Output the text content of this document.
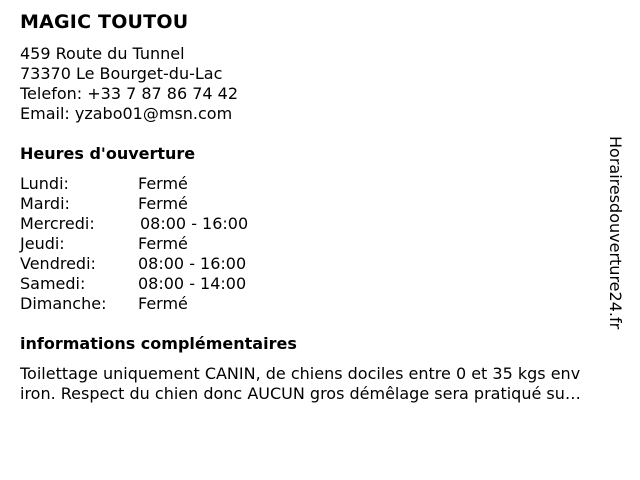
MAGIC TOUTOU
459 Route du Tunnel
73370 Le Bourget-du-Lac
Telefon: +33 7 87 86 74 42
Email: yzabo01@msn.com
Heures d'ouverture
Lundi:	Fermé
Mardi:	Fermé
Mercredi:	08:00 - 16:00
Jeudi:	Fermé
Vendredi:	08:00 - 16:00
Samedi:	08:00 - 14:00
Dimanche:	Fermé
informations complémentaires
Toilettage uniquement CANIN, de chiens dociles entre 0 et 35 kgs env
iron. Respect du chien donc AUCUN gros démêlage sera pratiqué su…
Horairesdouverture24.fr
